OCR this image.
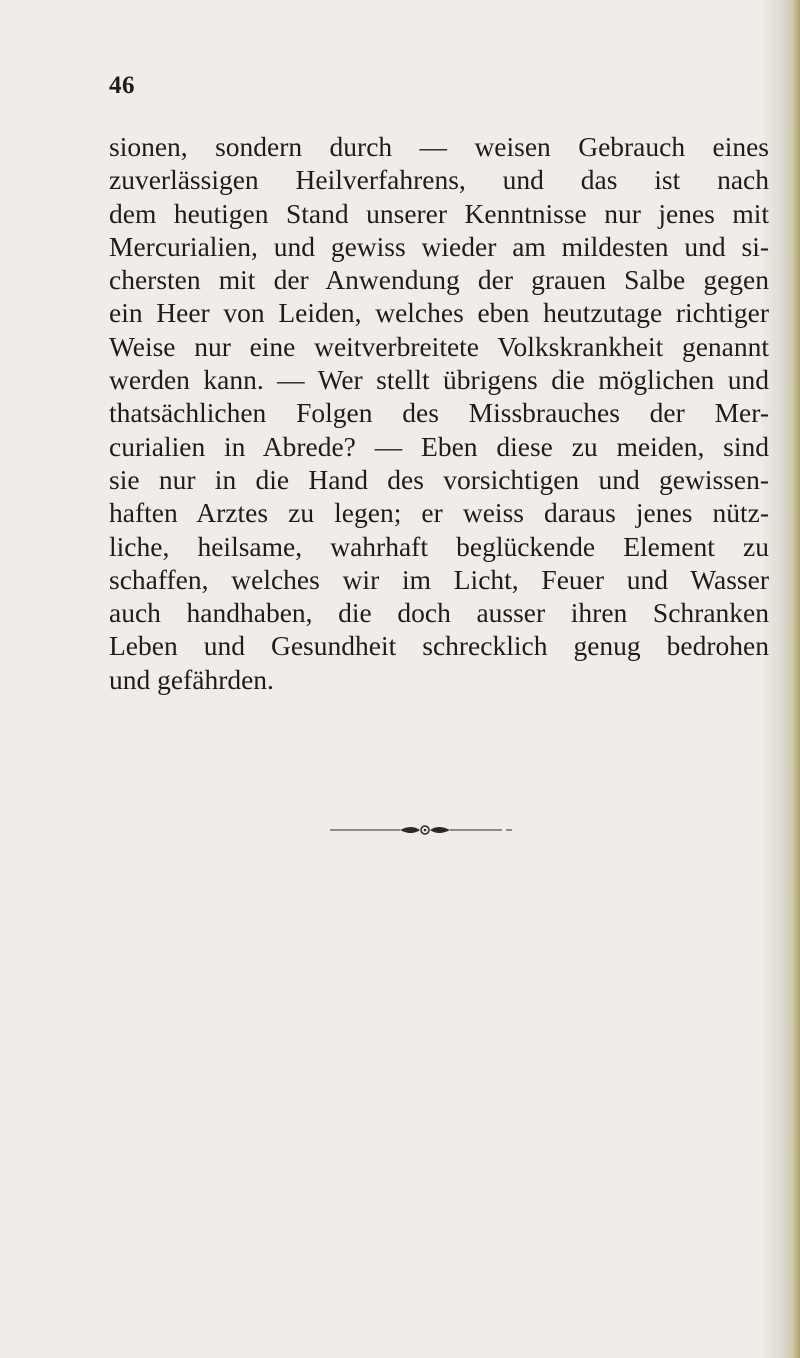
46
sionen, sondern durch — weisen Gebrauch eines
zuverlässigen Heilverfahrens, und das ist nach
dem heutigen Stand unserer Kenntnisse nur jenes mit
Mercurialien, und gewiss wieder am mildesten und si-
chersten mit der Anwendung der grauen Salbe gegen
ein Heer von Leiden, welches eben heutzutage richtiger
Weise nur eine weitverbreitete Volkskrankheit genannt
werden kann. — Wer stellt übrigens die möglichen und
thatsächlichen Folgen des Missbrauches der Mer-
curialien in Abrede? — Eben diese zu meiden, sind
sie nur in die Hand des vorsichtigen und gewissen-
haften Arztes zu legen; er weiss daraus jenes nütz-
liche, heilsame, wahrhaft beglückende Element zu
schaffen, welches wir im Licht, Feuer und Wasser
auch handhaben, die doch ausser ihren Schranken
Leben und Gesundheit schrecklich genug bedrohen
und gefährden.
